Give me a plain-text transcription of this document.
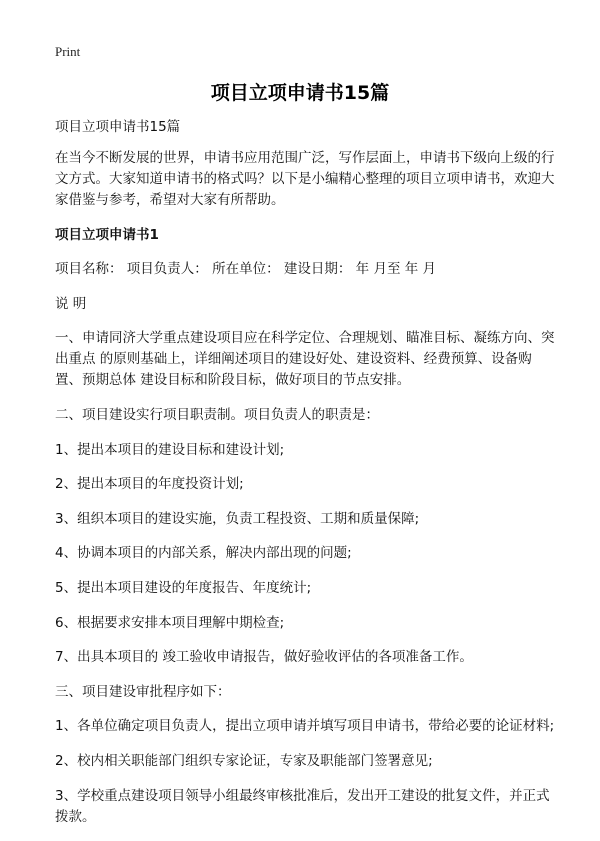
Print
项目立项申请书15篇

项目立项申请书15篇

在当今不断发展的世界，申请书应用范围广泛，写作层面上，申请书下级向上级的行文方式。大家知道申请书的格式吗？以下是小编精心整理的项目立项申请书，欢迎大家借鉴与参考，希望对大家有所帮助。

项目立项申请书1

项目名称： 项目负责人： 所在单位： 建设日期： 年 月至 年 月

说 明

一、申请同济大学重点建设项目应在科学定位、合理规划、瞄准目标、凝练方向、突出重点 的原则基础上，详细阐述项目的建设好处、建设资料、经费预算、设备购置、预期总体 建设目标和阶段目标，做好项目的节点安排。

二、项目建设实行项目职责制。项目负责人的职责是：

1、提出本项目的建设目标和建设计划;

2、提出本项目的年度投资计划;

3、组织本项目的建设实施，负责工程投资、工期和质量保障;

4、协调本项目的内部关系，解决内部出现的问题;

5、提出本项目建设的年度报告、年度统计;

6、根据要求安排本项目理解中期检查;

7、出具本项目的 竣工验收申请报告，做好验收评估的各项准备工作。

三、项目建设审批程序如下：

1、各单位确定项目负责人，提出立项申请并填写项目申请书，带给必要的论证材料;

2、校内相关职能部门组织专家论证，专家及职能部门签署意见;

3、学校重点建设项目领导小组最终审核批准后，发出开工建设的批复文件，并正式拨款。
